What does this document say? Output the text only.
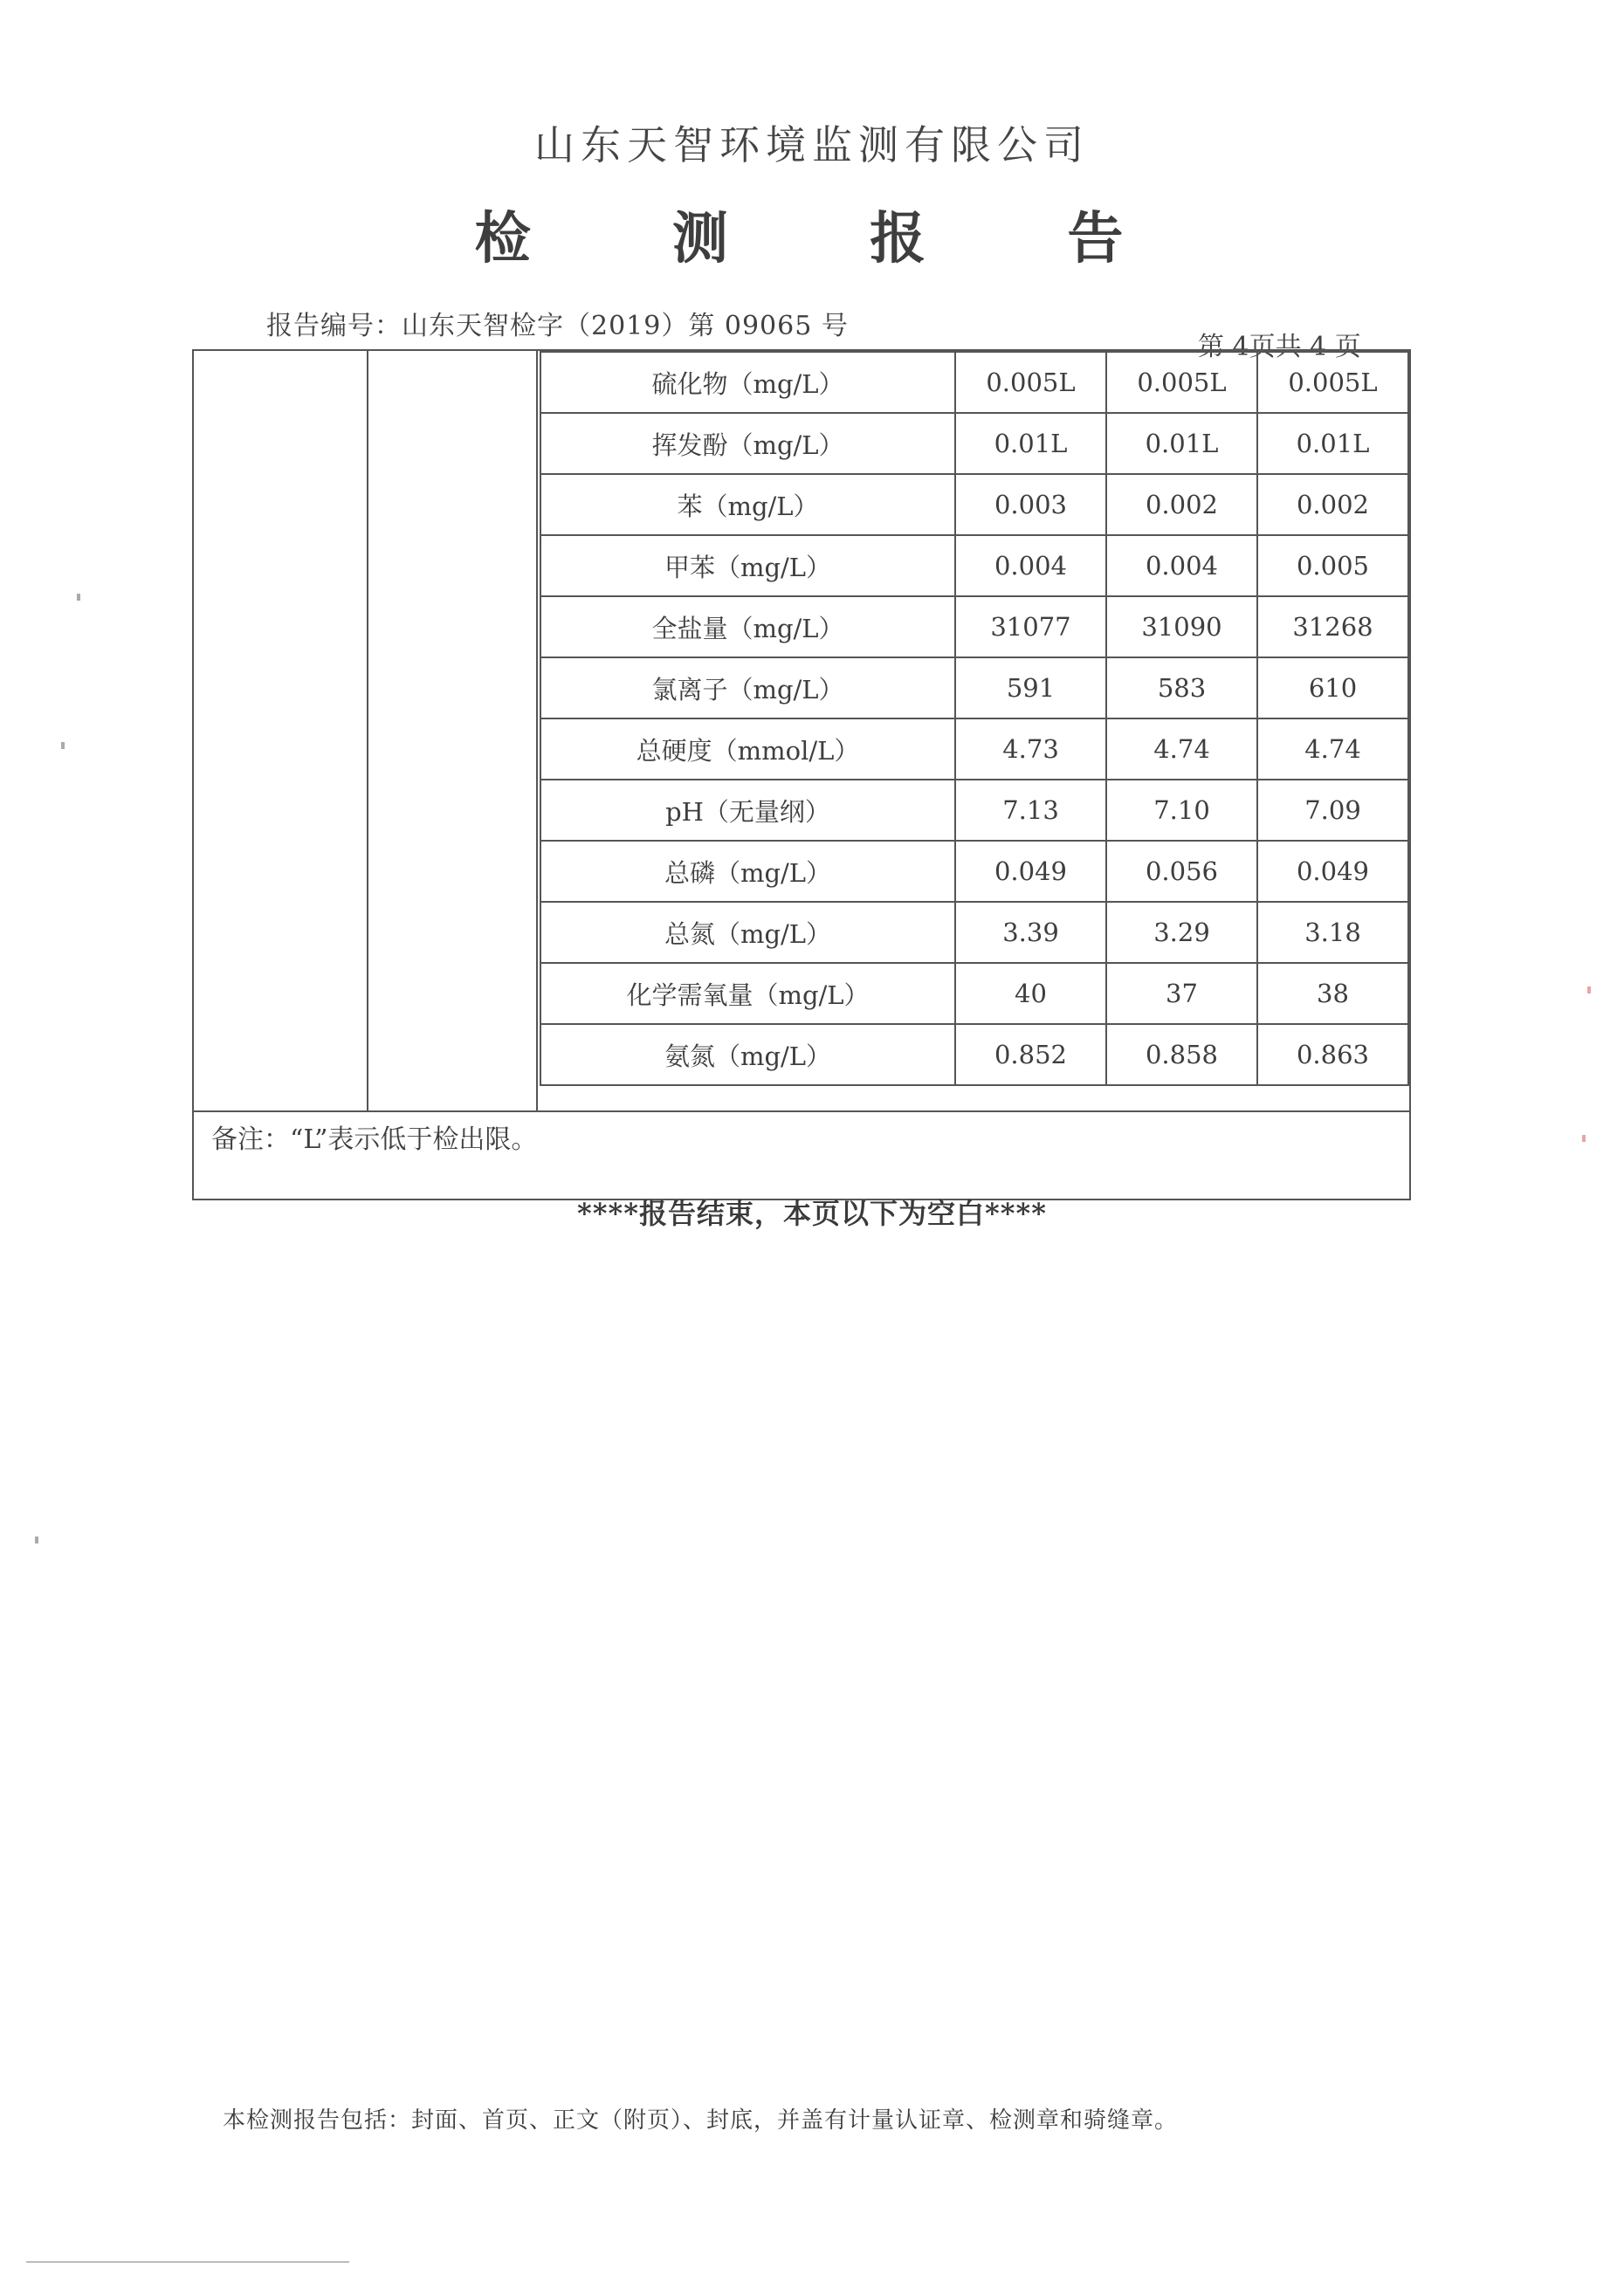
山东天智环境监测有限公司
检 测 报 告
报告编号：山东天智检字（2019）第 09065 号
第 4页共 4 页
硫化物（mg/L）	0.005L	0.005L	0.005L
挥发酚（mg/L）	0.01L	0.01L	0.01L
苯（mg/L）	0.003	0.002	0.002
甲苯（mg/L）	0.004	0.004	0.005
全盐量（mg/L）	31077	31090	31268
氯离子（mg/L）	591	583	610
总硬度（mmol/L）	4.73	4.74	4.74
pH（无量纲）	7.13	7.10	7.09
总磷（mg/L）	0.049	0.056	0.049
总氮（mg/L）	3.39	3.29	3.18
化学需氧量（mg/L）	40	37	38
氨氮（mg/L）	0.852	0.858	0.863
备注：“L”表示低于检出限。
****报告结束，本页以下为空白****
本检测报告包括：封面、首页、正文（附页）、封底，并盖有计量认证章、检测章和骑缝章。
